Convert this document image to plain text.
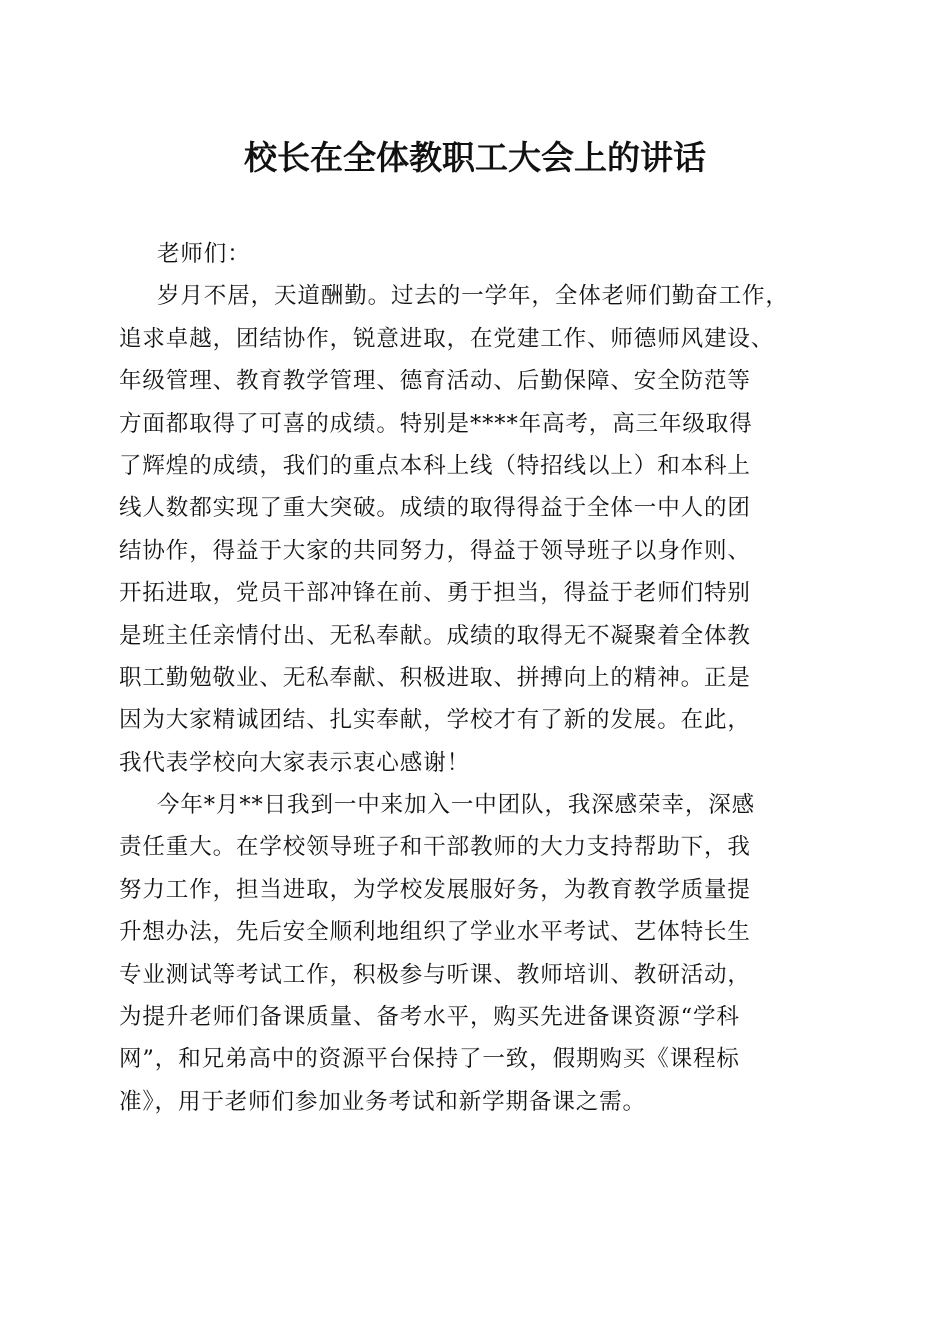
校长在全体教职工大会上的讲话
老师们：
岁月不居，天道酬勤。过去的一学年，全体老师们勤奋工作，
追求卓越，团结协作，锐意进取，在党建工作、师德师风建设、
年级管理、教育教学管理、德育活动、后勤保障、安全防范等
方面都取得了可喜的成绩。特别是****年高考，高三年级取得
了辉煌的成绩，我们的重点本科上线（特招线以上）和本科上
线人数都实现了重大突破。成绩的取得得益于全体一中人的团
结协作，得益于大家的共同努力，得益于领导班子以身作则、
开拓进取，党员干部冲锋在前、勇于担当，得益于老师们特别
是班主任亲情付出、无私奉献。成绩的取得无不凝聚着全体教
职工勤勉敬业、无私奉献、积极进取、拼搏向上的精神。正是
因为大家精诚团结、扎实奉献，学校才有了新的发展。在此，
我代表学校向大家表示衷心感谢！
今年*月**日我到一中来加入一中团队，我深感荣幸，深感
责任重大。在学校领导班子和干部教师的大力支持帮助下，我
努力工作，担当进取，为学校发展服好务，为教育教学质量提
升想办法，先后安全顺利地组织了学业水平考试、艺体特长生
专业测试等考试工作，积极参与听课、教师培训、教研活动，
为提升老师们备课质量、备考水平，购买先进备课资源“学科
网”，和兄弟高中的资源平台保持了一致，假期购买《课程标
准》，用于老师们参加业务考试和新学期备课之需。
